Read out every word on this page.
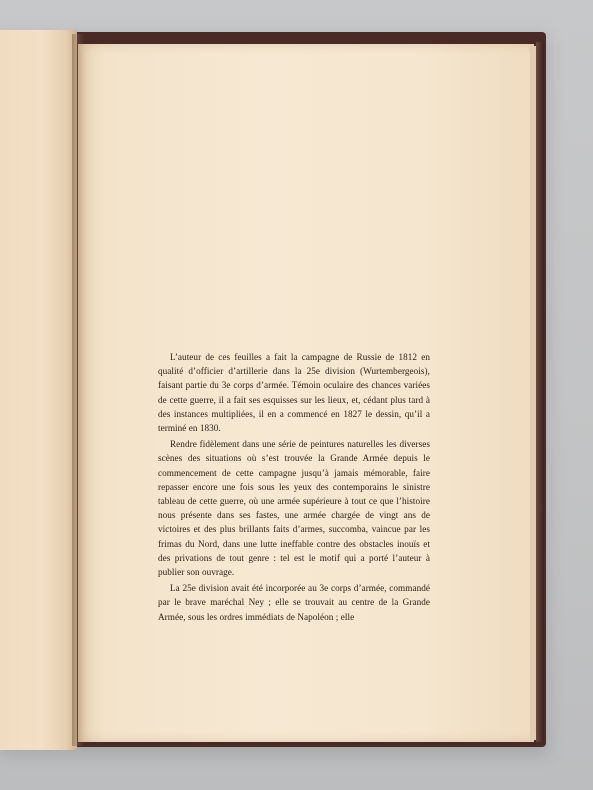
L’auteur de ces feuilles a fait la campagne de Russie de 1812 en qualité d’officier d’artillerie dans la 25e division (Wurtembergeois), faisant partie du 3e corps d’armée. Témoin oculaire des chances variées de cette guerre, il a fait ses esquisses sur les lieux, et, cédant plus tard à des instances multipliées, il en a commencé en 1827 le dessin, qu’il a terminé en 1830.

Rendre fidèlement dans une série de peintures naturelles les diverses scènes des situations où s’est trouvée la Grande Armée depuis le commencement de cette campagne jusqu’à jamais mémorable, faire repasser encore une fois sous les yeux des contemporains le sinistre tableau de cette guerre, où une armée supérieure à tout ce que l’histoire nous présente dans ses fastes, une armée chargée de vingt ans de victoires et des plus brillants faits d’armes, succomba, vaincue par les frimas du Nord, dans une lutte ineffable contre des obstacles inouïs et des privations de tout genre : tel est le motif qui a porté l’auteur à publier son ouvrage.

La 25e division avait été incorporée au 3e corps d’armée, commandé par le brave maréchal Ney ; elle se trouvait au centre de la Grande Armée, sous les ordres immédiats de Napoléon ; elle
